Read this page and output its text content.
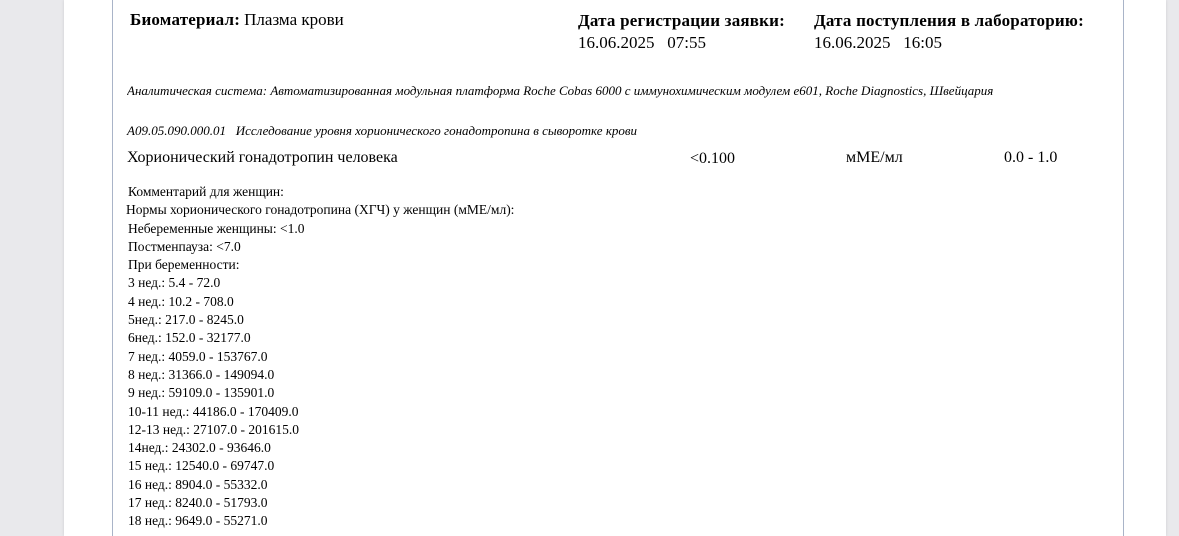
Биоматериал: Плазма крови	Дата регистрации заявки:
16.06.2025 07:55
Дата поступления в лабораторию:
16.06.2025 16:05
Аналитическая система: Автоматизированная модульная платформа Roche Cobas 6000 с иммунохимическим модулем e601, Roche Diagnostics, Швейцария
A09.05.090.000.01 Исследование уровня хорионического гонадотропина в сыворотке крови
Хорионический гонадотропин человека	<0.100	мМЕ/мл	0.0 - 1.0
Комментарий для женщин:
Нормы хорионического гонадотропина (ХГЧ) у женщин (мМЕ/мл):
Небеременные женщины: <1.0
Постменпауза: <7.0
При беременности:
3 нед.: 5.4 - 72.0
4 нед.: 10.2 - 708.0
5нед.: 217.0 - 8245.0
6нед.: 152.0 - 32177.0
7 нед.: 4059.0 - 153767.0
8 нед.: 31366.0 - 149094.0
9 нед.: 59109.0 - 135901.0
10-11 нед.: 44186.0 - 170409.0
12-13 нед.: 27107.0 - 201615.0
14нед.: 24302.0 - 93646.0
15 нед.: 12540.0 - 69747.0
16 нед.: 8904.0 - 55332.0
17 нед.: 8240.0 - 51793.0
18 нед.: 9649.0 - 55271.0
